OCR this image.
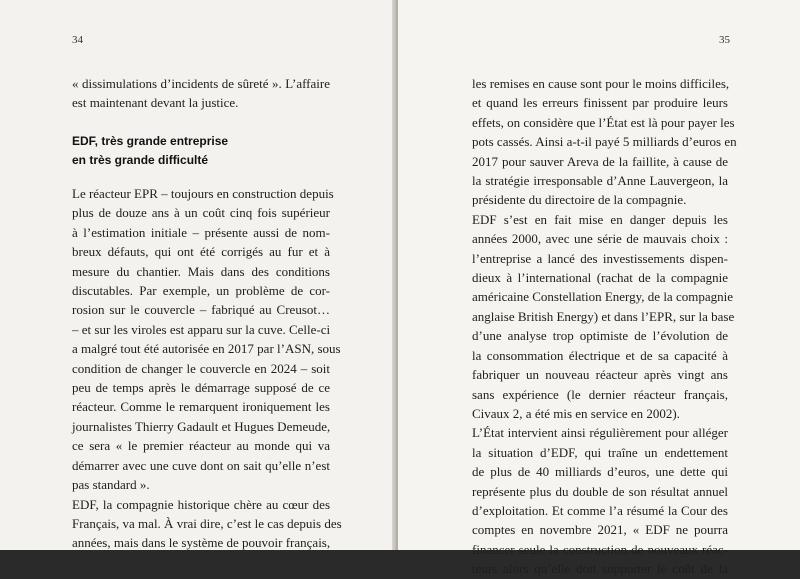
34
« dissimulations d’incidents de sûreté ». L’affaire
est maintenant devant la justice.
EDF, très grande entreprise
en très grande difficulté
Le réacteur EPR – toujours en construction depuis
plus de douze ans à un coût cinq fois supérieur
à l’estimation initiale – présente aussi de nom-
breux défauts, qui ont été corrigés au fur et à
mesure du chantier. Mais dans des conditions
discutables. Par exemple, un problème de cor-
rosion sur le couvercle – fabriqué au Creusot…
– et sur les viroles est apparu sur la cuve. Celle-ci
a malgré tout été autorisée en 2017 par l’ASN, sous
condition de changer le couvercle en 2024 – soit
peu de temps après le démarrage supposé de ce
réacteur. Comme le remarquent ironiquement les
journalistes Thierry Gadault et Hugues Demeude,
ce sera « le premier réacteur au monde qui va
démarrer avec une cuve dont on sait qu’elle n’est
pas standard ».
EDF, la compagnie historique chère au cœur des
Français, va mal. À vrai dire, c’est le cas depuis des
années, mais dans le système de pouvoir français,
35
les remises en cause sont pour le moins difficiles,
et quand les erreurs finissent par produire leurs
effets, on considère que l’État est là pour payer les
pots cassés. Ainsi a-t-il payé 5 milliards d’euros en
2017 pour sauver Areva de la faillite, à cause de
la stratégie irresponsable d’Anne Lauvergeon, la
présidente du directoire de la compagnie.
EDF s’est en fait mise en danger depuis les
années 2000, avec une série de mauvais choix :
l’entreprise a lancé des investissements dispen-
dieux à l’international (rachat de la compagnie
américaine Constellation Energy, de la compagnie
anglaise British Energy) et dans l’EPR, sur la base
d’une analyse trop optimiste de l’évolution de
la consommation électrique et de sa capacité à
fabriquer un nouveau réacteur après vingt ans
sans expérience (le dernier réacteur français,
Civaux 2, a été mis en service en 2002).
L’État intervient ainsi régulièrement pour alléger
la situation d’EDF, qui traîne un endettement
de plus de 40 milliards d’euros, une dette qui
représente plus du double de son résultat annuel
d’exploitation. Et comme l’a résumé la Cour des
comptes en novembre 2021, « EDF ne pourra
financer seule la construction de nouveaux réac-
teurs alors qu’elle doit supporter le coût de la
